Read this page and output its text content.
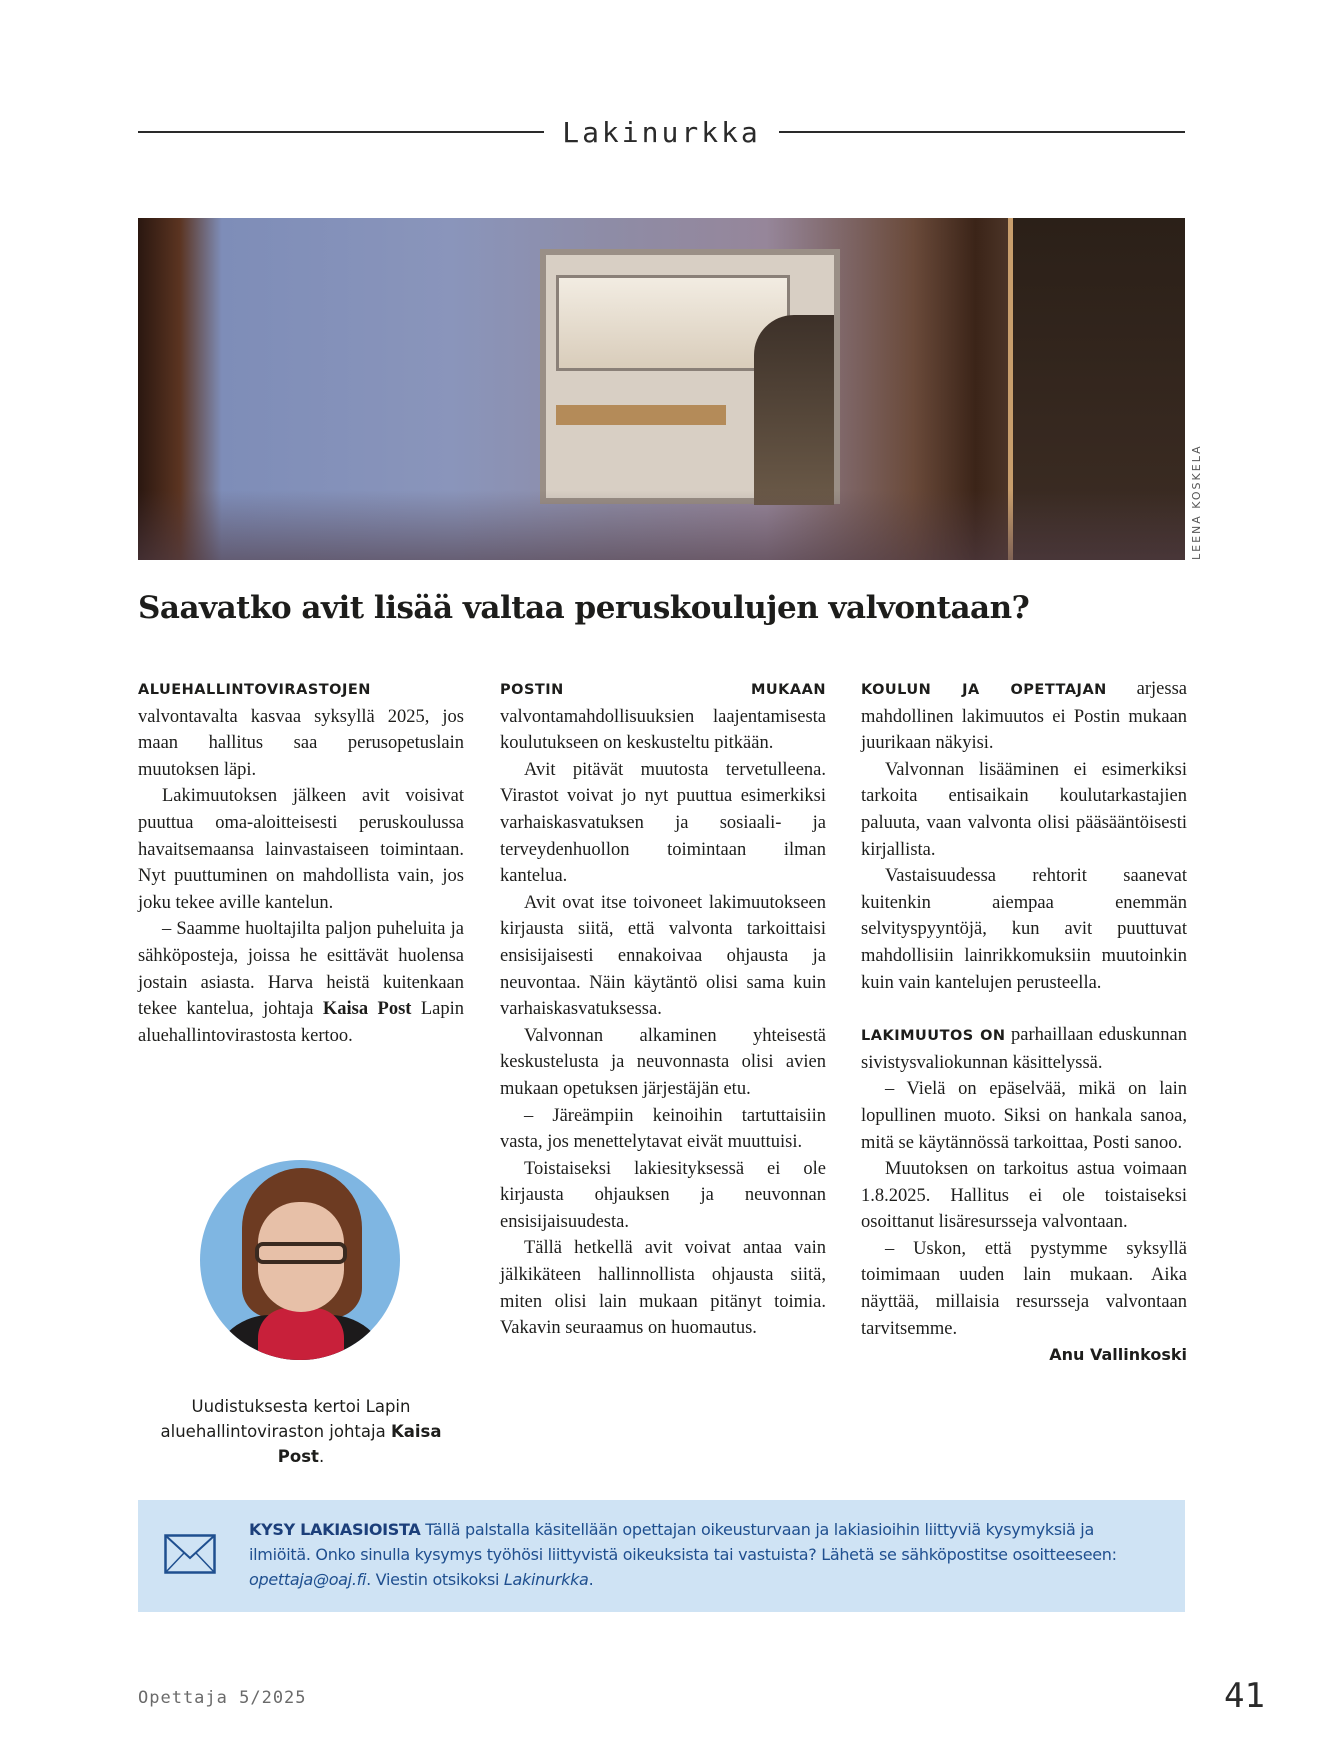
Lakinurkka
LEENA KOSKELA
Saavatko avit lisää valtaa peruskoulujen valvontaan?

ALUEHALLINTOVIRASTOJEN valvontavalta kasvaa syksyllä 2025, jos maan hallitus saa perusopetuslain muutoksen läpi.

Lakimuutoksen jälkeen avit voisivat puuttua oma-aloitteisesti peruskoulussa havaitsemaansa lainvastaiseen toimintaan. Nyt puuttuminen on mahdollista vain, jos joku tekee aville kantelun.

– Saamme huoltajilta paljon puheluita ja sähköposteja, joissa he esittävät huolensa jostain asiasta. Harva heistä kuitenkaan tekee kantelua, johtaja Kaisa Post Lapin aluehallintovirastosta kertoo.

Uudistuksesta kertoi Lapin aluehallintoviraston johtaja Kaisa Post.

POSTIN MUKAAN valvontamahdollisuuksien laajentamisesta koulutukseen on keskusteltu pitkään.

Avit pitävät muutosta tervetulleena. Virastot voivat jo nyt puuttua esimerkiksi varhaiskasvatuksen ja sosiaali- ja terveydenhuollon toimintaan ilman kantelua.

Avit ovat itse toivoneet lakimuutokseen kirjausta siitä, että valvonta tarkoittaisi ensisijaisesti ennakoivaa ohjausta ja neuvontaa. Näin käytäntö olisi sama kuin varhaiskasvatuksessa.

Valvonnan alkaminen yhteisestä keskustelusta ja neuvonnasta olisi avien mukaan opetuksen järjestäjän etu.

– Järeämpiin keinoihin tartuttaisiin vasta, jos menettelytavat eivät muuttuisi.

Toistaiseksi lakiesityksessä ei ole kirjausta ohjauksen ja neuvonnan ensisijaisuudesta.

Tällä hetkellä avit voivat antaa vain jälkikäteen hallinnollista ohjausta siitä, miten olisi lain mukaan pitänyt toimia. Vakavin seuraamus on huomautus.

KOULUN JA OPETTAJAN arjessa mahdollinen lakimuutos ei Postin mukaan juurikaan näkyisi.

Valvonnan lisääminen ei esimerkiksi tarkoita entisaikain koulutarkastajien paluuta, vaan valvonta olisi pääsääntöisesti kirjallista.

Vastaisuudessa rehtorit saanevat kuitenkin aiempaa enemmän selvityspyyntöjä, kun avit puuttuvat mahdollisiin lainrikkomuksiin muutoinkin kuin vain kantelujen perusteella.

LAKIMUUTOS ON parhaillaan eduskunnan sivistysvaliokunnan käsittelyssä.

– Vielä on epäselvää, mikä on lain lopullinen muoto. Siksi on hankala sanoa, mitä se käytännössä tarkoittaa, Posti sanoo.

Muutoksen on tarkoitus astua voimaan 1.8.2025. Hallitus ei ole toistaiseksi osoittanut lisäresursseja valvontaan.

– Uskon, että pystymme syksyllä toimimaan uuden lain mukaan. Aika näyttää, millaisia resursseja valvontaan tarvitsemme.

Anu Vallinkoski
KYSY LAKIASIOISTA Tällä palstalla käsitellään opettajan oikeusturvaan ja lakiasioihin liittyviä kysymyksiä ja ilmiöitä. Onko sinulla kysymys työhösi liittyvistä oikeuksista tai vastuista? Lähetä se sähköpostitse osoitteeseen: opettaja@oaj.fi. Viestin otsikoksi Lakinurkka.
Opettaja 5/2025	41
